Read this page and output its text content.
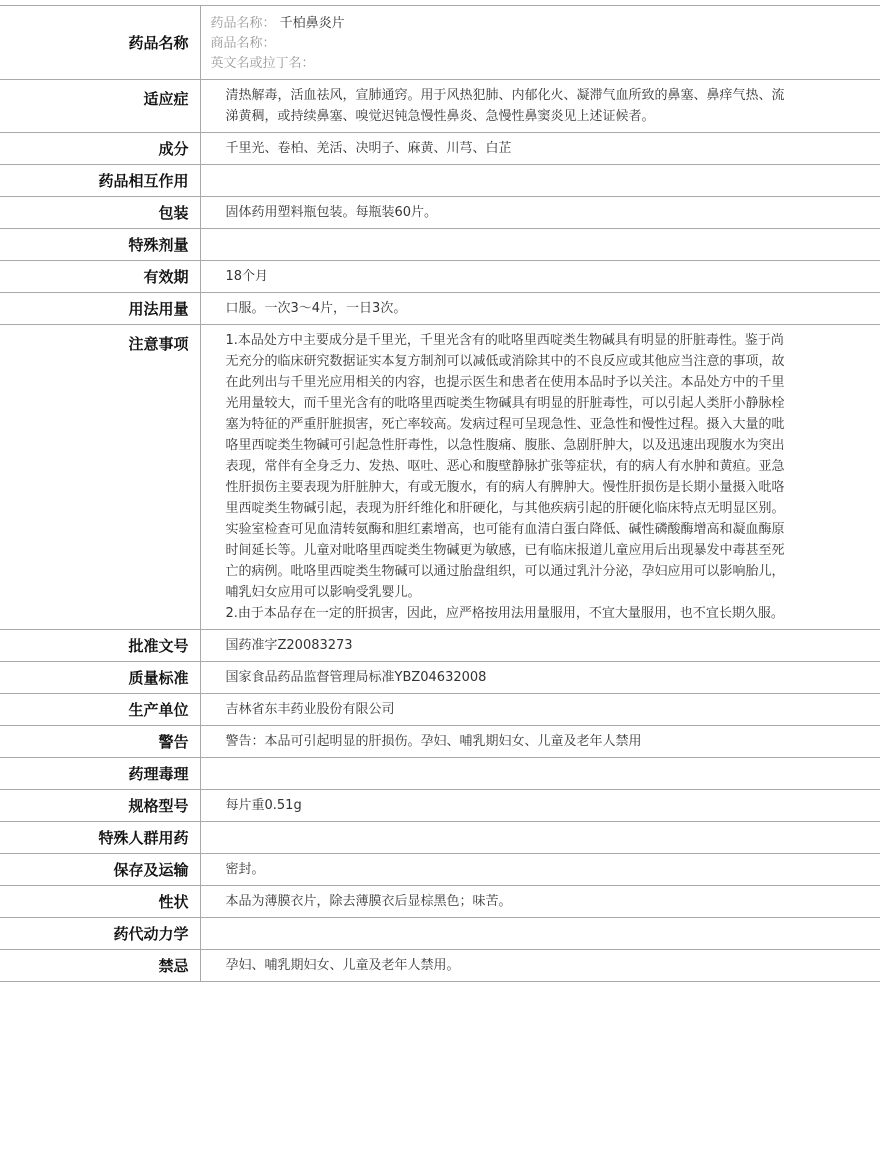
药品名称	药品名称： 千柏鼻炎片
商品名称：
英文名或拉丁名：

适应症	清热解毒，活血祛风，宣肺通窍。用于风热犯肺、内郁化火、凝滞气血所致的鼻塞、鼻痒气热、流涕黄稠，或持续鼻塞、嗅觉迟钝急慢性鼻炎、急慢性鼻窦炎见上述证候者。
成分	千里光、卷柏、羌活、决明子、麻黄、川芎、白芷
药品相互作用	
包装	固体药用塑料瓶包装。每瓶装60片。
特殊剂量	
有效期	18个月
用法用量	口服。一次3～4片，一日3次。
注意事项	1.本品处方中主要成分是千里光，千里光含有的吡咯里西啶类生物碱具有明显的肝脏毒性。鉴于尚无充分的临床研究数据证实本复方制剂可以减低或消除其中的不良反应或其他应当注意的事项，故在此列出与千里光应用相关的内容，也提示医生和患者在使用本品时予以关注。本品处方中的千里光用量较大，而千里光含有的吡咯里西啶类生物碱具有明显的肝脏毒性，可以引起人类肝小静脉栓塞为特征的严重肝脏损害，死亡率较高。发病过程可呈现急性、亚急性和慢性过程。摄入大量的吡咯里西啶类生物碱可引起急性肝毒性，以急性腹痛、腹胀、急剧肝肿大，以及迅速出现腹水为突出表现，常伴有全身乏力、发热、呕吐、恶心和腹壁静脉扩张等症状，有的病人有水肿和黄疸。亚急性肝损伤主要表现为肝脏肿大，有或无腹水，有的病人有脾肿大。慢性肝损伤是长期小量摄入吡咯里西啶类生物碱引起，表现为肝纤维化和肝硬化，与其他疾病引起的肝硬化临床特点无明显区别。实验室检查可见血清转氨酶和胆红素增高，也可能有血清白蛋白降低、碱性磷酸酶增高和凝血酶原时间延长等。儿童对吡咯里西啶类生物碱更为敏感，已有临床报道儿童应用后出现暴发中毒甚至死亡的病例。吡咯里西啶类生物碱可以通过胎盘组织，可以通过乳汁分泌，孕妇应用可以影响胎儿，哺乳妇女应用可以影响受乳婴儿。
2.由于本品存在一定的肝损害，因此，应严格按用法用量服用，不宜大量服用，也不宜长期久服。

批准文号	国药准字Z20083273
质量标准	国家食品药品监督管理局标准YBZ04632008
生产单位	吉林省东丰药业股份有限公司
警告	警告：本品可引起明显的肝损伤。孕妇、哺乳期妇女、儿童及老年人禁用
药理毒理	
规格型号	每片重0.51g
特殊人群用药	
保存及运输	密封。
性状	本品为薄膜衣片，除去薄膜衣后显棕黑色；味苦。
药代动力学	
禁忌	孕妇、哺乳期妇女、儿童及老年人禁用。
